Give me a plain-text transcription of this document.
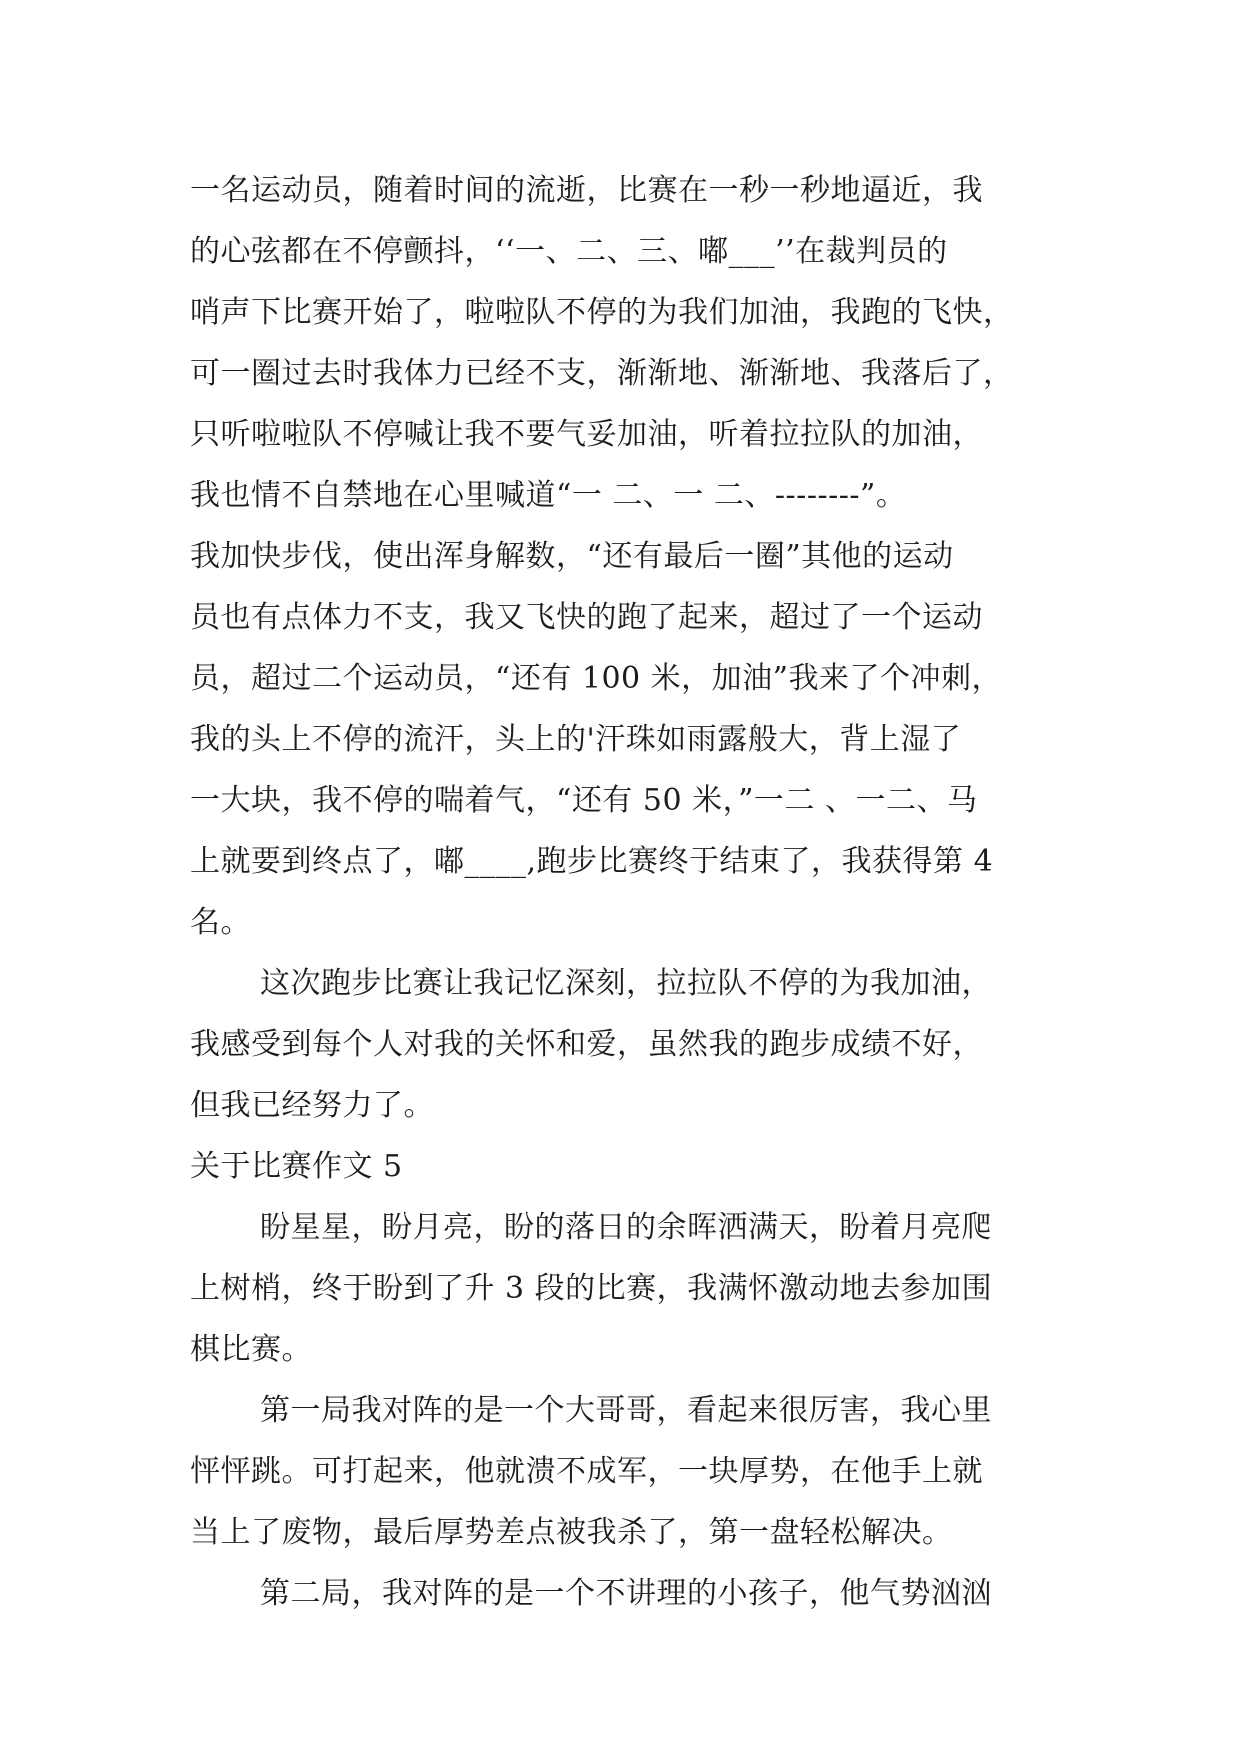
一名运动员，随着时间的流逝，比赛在一秒一秒地逼近，我
的心弦都在不停颤抖，‘‘一、二、三、嘟___’’在裁判员的
哨声下比赛开始了，啦啦队不停的为我们加油，我跑的飞快，
可一圈过去时我体力已经不支，渐渐地、渐渐地、我落后了，
只听啦啦队不停喊让我不要气妥加油，听着拉拉队的加油，
我也情不自禁地在心里喊道“一 二、一 二、--------”。
我加快步伐，使出浑身解数，“还有最后一圈”其他的运动
员也有点体力不支，我又飞快的跑了起来，超过了一个运动
员，超过二个运动员，“还有 100 米，加油”我来了个冲刺，
我的头上不停的流汗，头上的'汗珠如雨露般大，背上湿了
一大块，我不停的喘着气，“还有 50 米，”一二 、一二、马
上就要到终点了，嘟____,跑步比赛终于结束了，我获得第 4
名。
这次跑步比赛让我记忆深刻，拉拉队不停的为我加油，
我感受到每个人对我的关怀和爱，虽然我的跑步成绩不好，
但我已经努力了。
关于比赛作文 5
盼星星，盼月亮，盼的落日的余晖洒满天，盼着月亮爬
上树梢，终于盼到了升 3 段的比赛，我满怀激动地去参加围
棋比赛。
第一局我对阵的是一个大哥哥，看起来很厉害，我心里
怦怦跳。可打起来，他就溃不成军，一块厚势，在他手上就
当上了废物，最后厚势差点被我杀了，第一盘轻松解决。
第二局，我对阵的是一个不讲理的小孩子，他气势汹汹
